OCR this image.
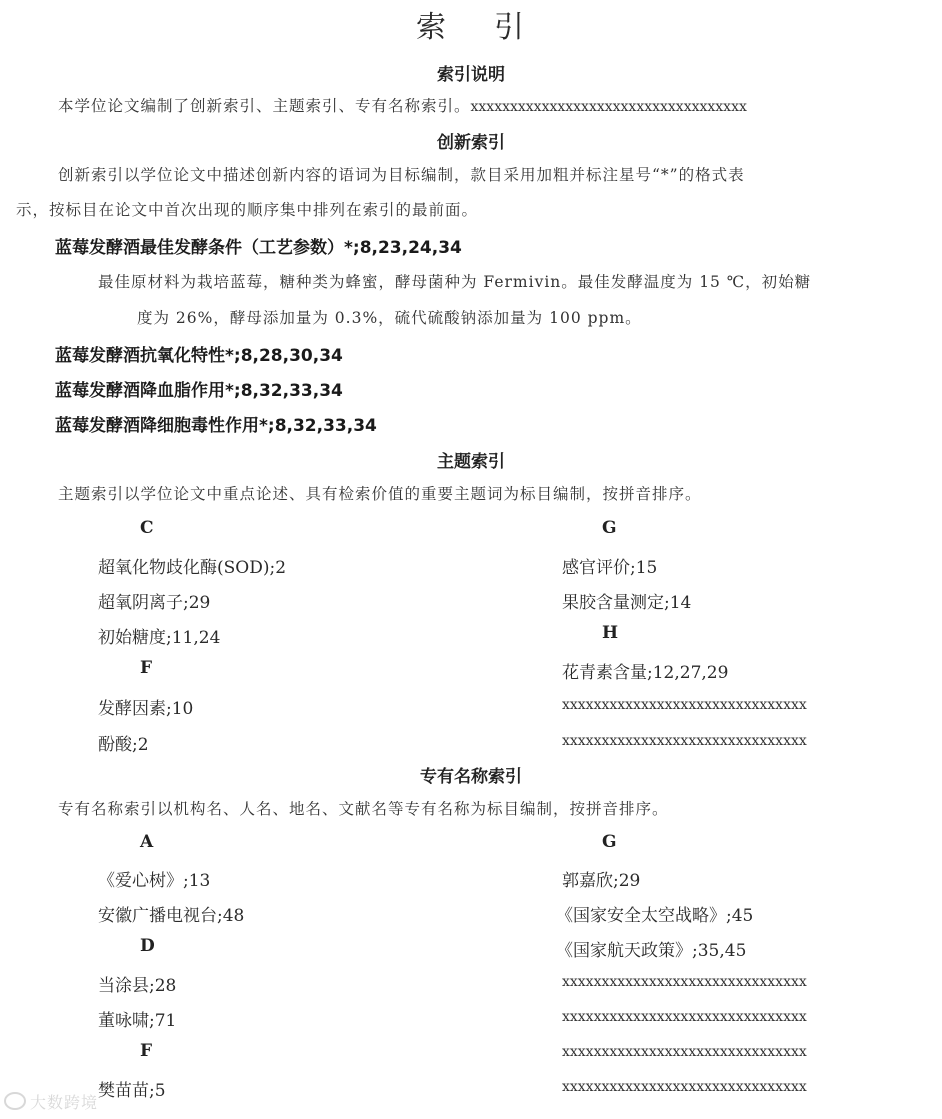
索 引
索引说明
本学位论文编制了创新索引、主题索引、专有名称索引。xxxxxxxxxxxxxxxxxxxxxxxxxxxxxxxxxxx
创新索引
创新索引以学位论文中描述创新内容的语词为目标编制，款目采用加粗并标注星号“*”的格式表
示，按标目在论文中首次出现的顺序集中排列在索引的最前面。
蓝莓发酵酒最佳发酵条件（工艺参数）*;8,23,24,34
最佳原材料为栽培蓝莓，糖种类为蜂蜜，酵母菌种为 Fermivin。最佳发酵温度为 15 ℃，初始糖
度为 26%，酵母添加量为 0.3%，硫代硫酸钠添加量为 100 ppm。
蓝莓发酵酒抗氧化特性*;8,28,30,34
蓝莓发酵酒降血脂作用*;8,32,33,34
蓝莓发酵酒降细胞毒性作用*;8,32,33,34
主题索引
主题索引以学位论文中重点论述、具有检索价值的重要主题词为标目编制，按拼音排序。
C
超氧化物歧化酶(SOD);2
超氧阴离子;29
初始糖度;11,24
F
发酵因素;10
酚酸;2
G
感官评价;15
果胶含量测定;14
H
花青素含量;12,27,29
xxxxxxxxxxxxxxxxxxxxxxxxxxxxxxx
xxxxxxxxxxxxxxxxxxxxxxxxxxxxxxx
专有名称索引
专有名称索引以机构名、人名、地名、文献名等专有名称为标目编制，按拼音排序。
A
《爱心树》;13
安徽广播电视台;48
D
当涂县;28
董咏啸;71
F
樊苗苗;5
G
郭嘉欣;29
《国家安全太空战略》;45
《国家航天政策》;35,45
xxxxxxxxxxxxxxxxxxxxxxxxxxxxxxx
xxxxxxxxxxxxxxxxxxxxxxxxxxxxxxx
xxxxxxxxxxxxxxxxxxxxxxxxxxxxxxx
xxxxxxxxxxxxxxxxxxxxxxxxxxxxxxx
大数跨境
